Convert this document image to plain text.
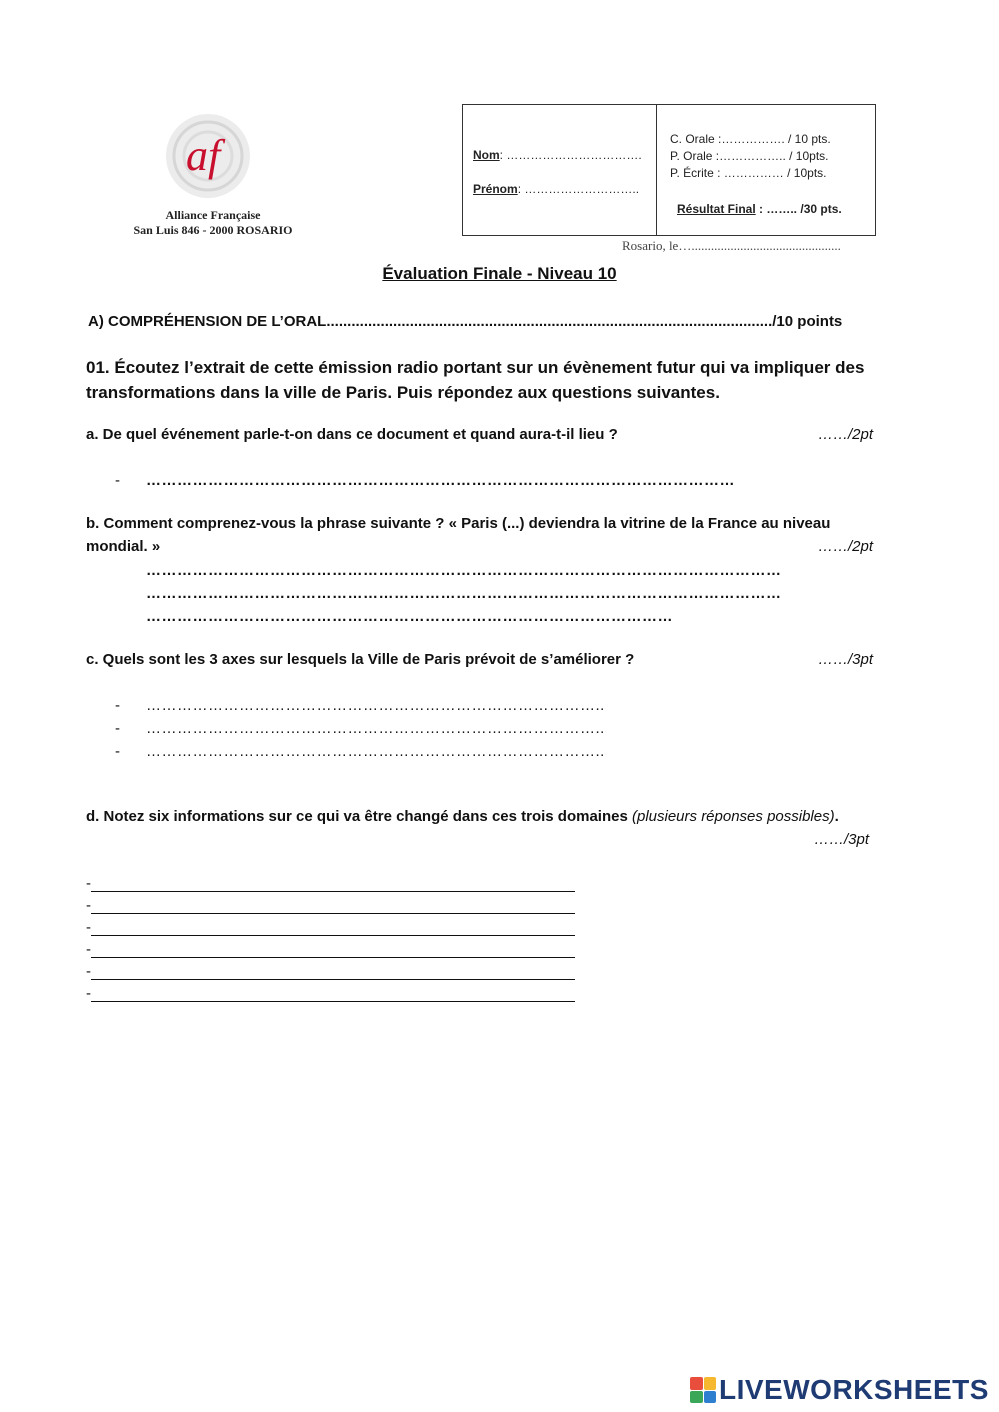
af
Alliance Française
San Luis 846 - 2000 ROSARIO
Nom: …………………………….
Prénom: ………………………..
C. Orale :……………. / 10 pts.
P. Orale :…………….. / 10pts.
P. Écrite : …………… / 10pts.
Résultat Final : …….. /30 pts.
Rosario, le…..............................................
Évaluation Finale - Niveau 10
A) COMPRÉHENSION DE L’ORAL.........................................................................................................../10 points
01. Écoutez l’extrait de cette émission radio portant sur un évènement futur qui va impliquer des transformations dans la ville de Paris. Puis répondez aux questions suivantes.
a. De quel événement parle-t-on dans ce document et quand aura-t-il lieu ?	……/2pt
- ……………………………………………………………………………………………………
b. Comment comprenez-vous la phrase suivante ? « Paris (...) deviendra la vitrine de la France au niveau
mondial. »	……/2pt
……………………………………………………………………………………………………………
……………………………………………………………………………………………………………
…………………………………………………………………………………………
c. Quels sont les 3 axes sur lesquels la Ville de Paris prévoit de s’améliorer ?	……/3pt
- ……………………………………………………………………………..
- ……………………………………………………………………………..
- ……………………………………………………………………………..
d. Notez six informations sur ce qui va être changé dans ces trois domaines (plusieurs réponses possibles).
……/3pt
-
-
-
-
-
-
LIVEWORKSHEETS
